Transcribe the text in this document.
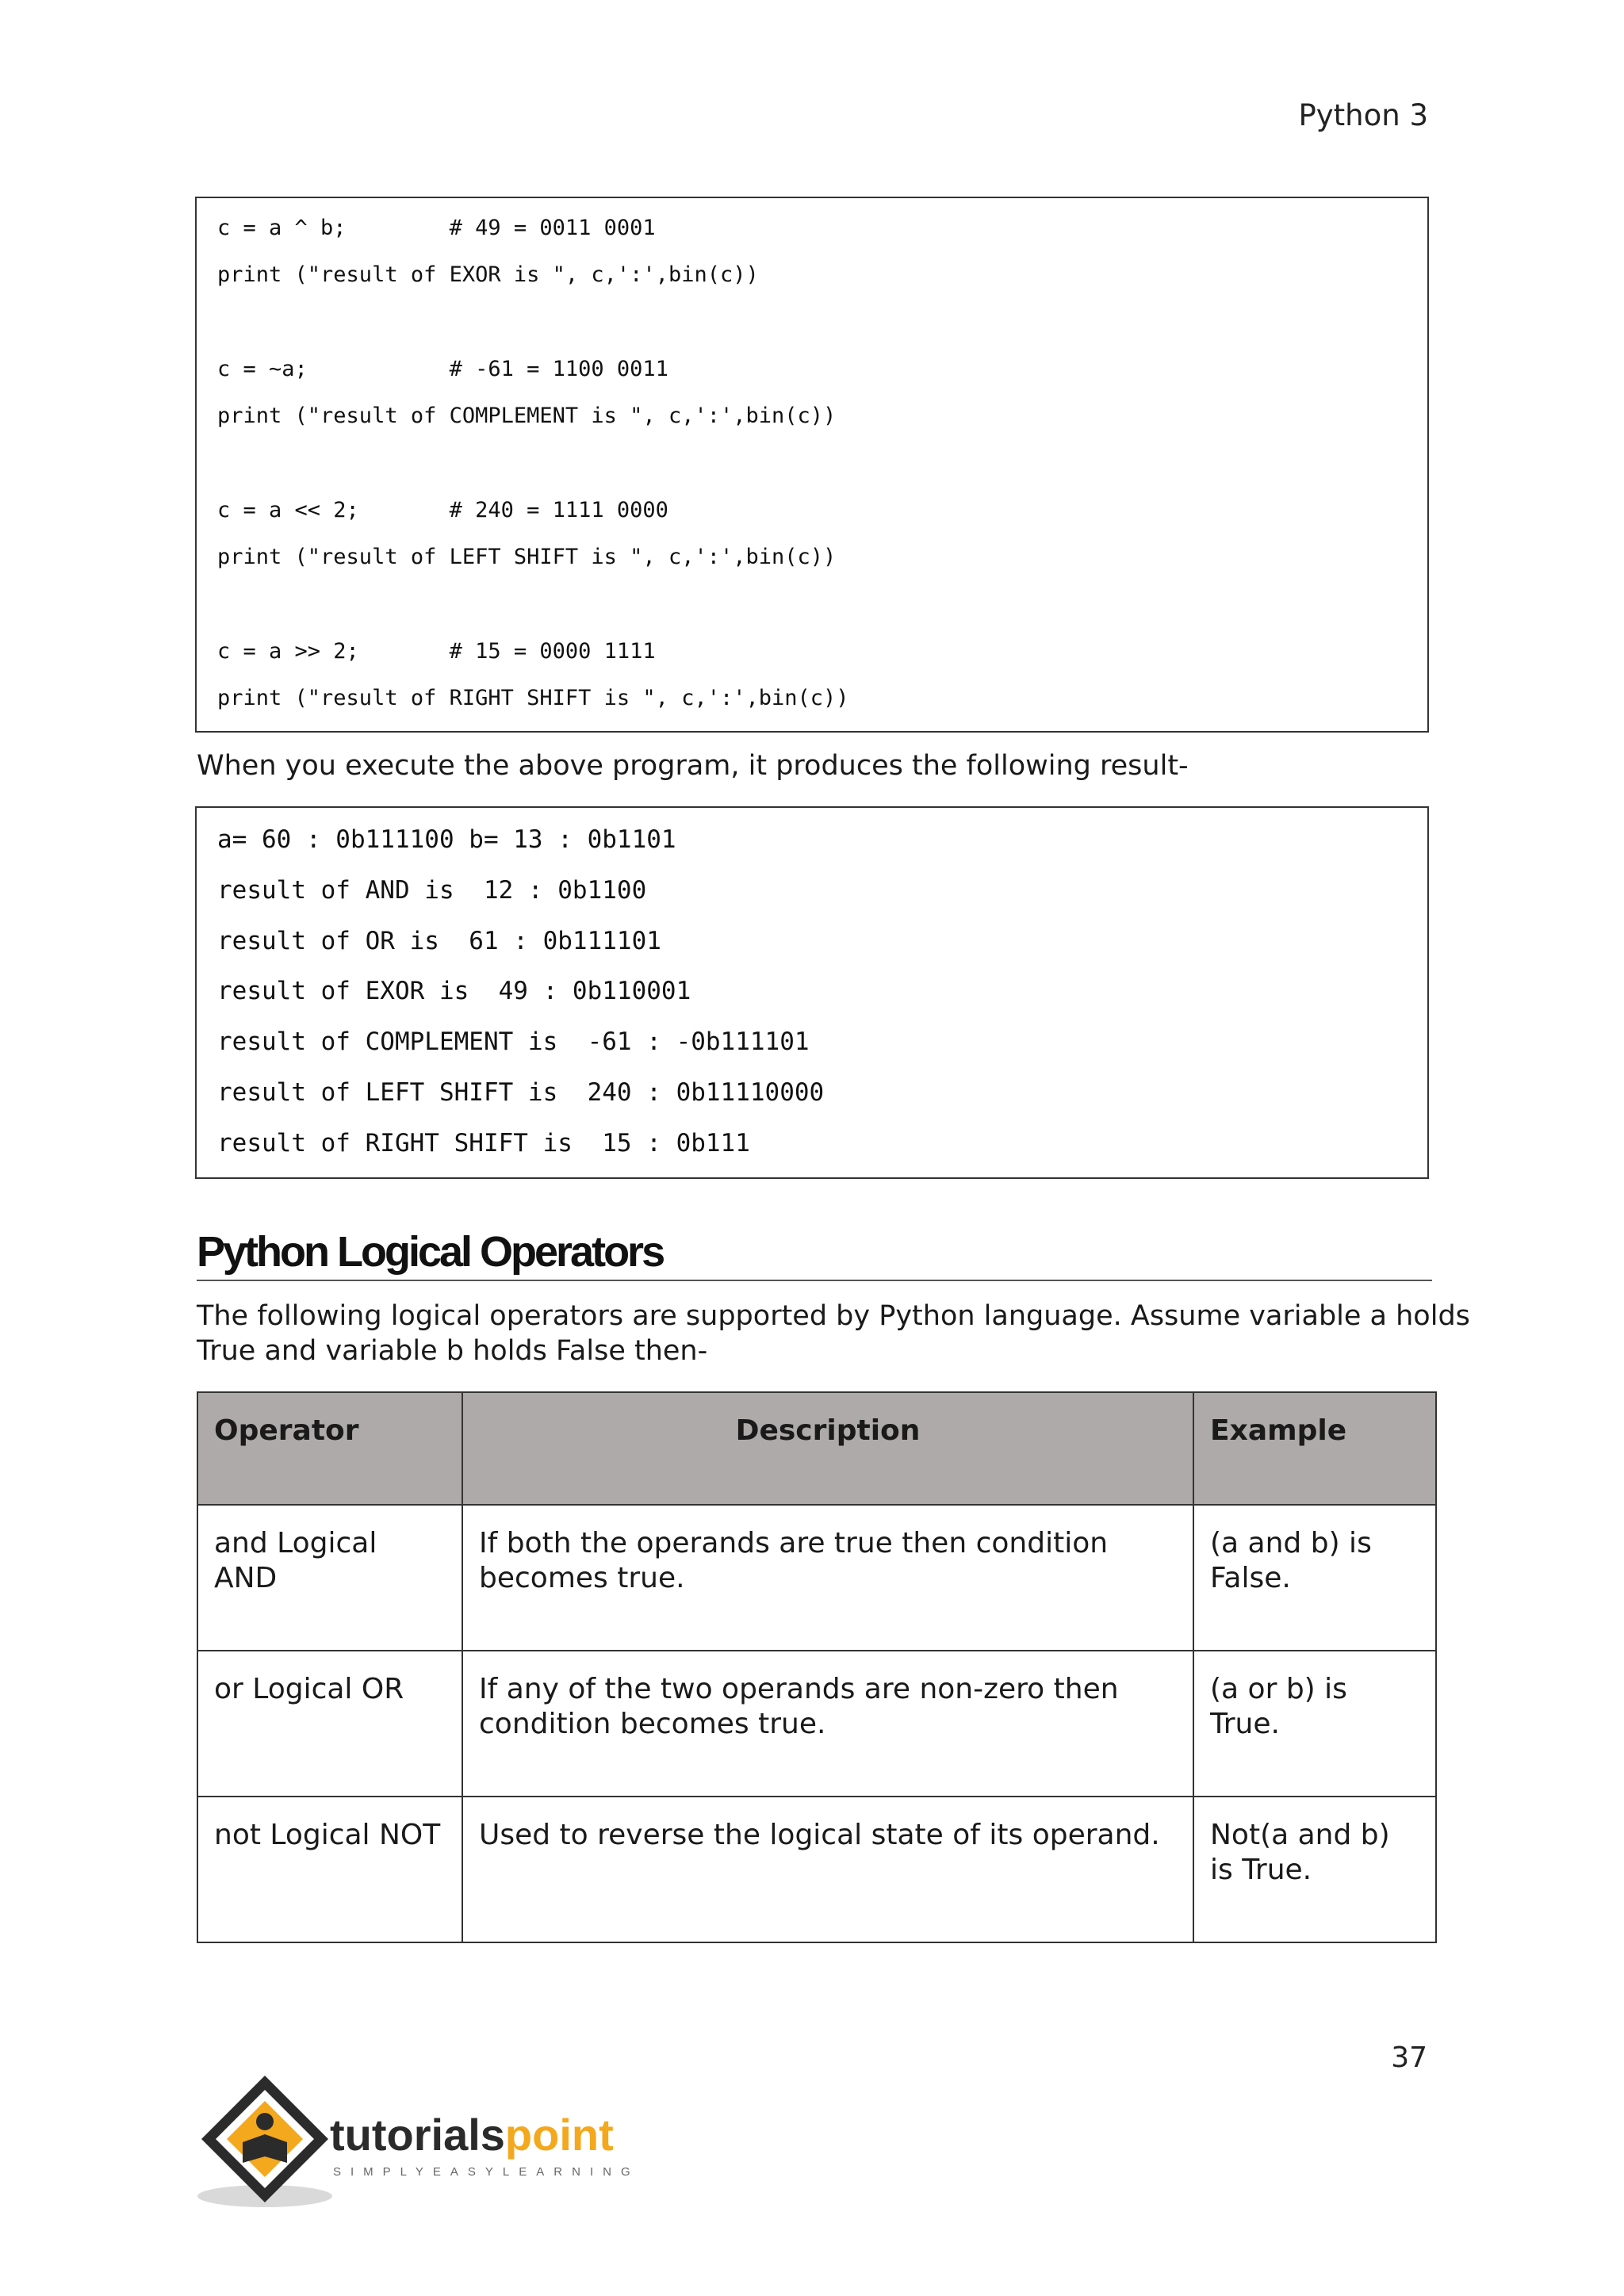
Python 3
c = a ^ b;        # 49 = 0011 0001
print ("result of EXOR is ", c,':',bin(c))
c = ~a;           # -61 = 1100 0011
print ("result of COMPLEMENT is ", c,':',bin(c))
c = a << 2;       # 240 = 1111 0000
print ("result of LEFT SHIFT is ", c,':',bin(c))
c = a >> 2;       # 15 = 0000 1111
print ("result of RIGHT SHIFT is ", c,':',bin(c))
When you execute the above program, it produces the following result-
a= 60 : 0b111100 b= 13 : 0b1101
result of AND is  12 : 0b1100
result of OR is  61 : 0b111101
result of EXOR is  49 : 0b110001
result of COMPLEMENT is  -61 : -0b111101
result of LEFT SHIFT is  240 : 0b11110000
result of RIGHT SHIFT is  15 : 0b111
Python Logical Operators
The following logical operators are supported by Python language. Assume variable a holds
True and variable b holds False then-
Operator	Description	Example
and Logical AND	If both the operands are true then condition becomes true.	(a and b) is False.
or Logical OR	If any of the two operands are non-zero then condition becomes true.	(a or b) is True.
not Logical NOT	Used to reverse the logical state of its operand.	Not(a and b) is True.
37
tutorialspoint
SIMPLYEASYLEARNING
